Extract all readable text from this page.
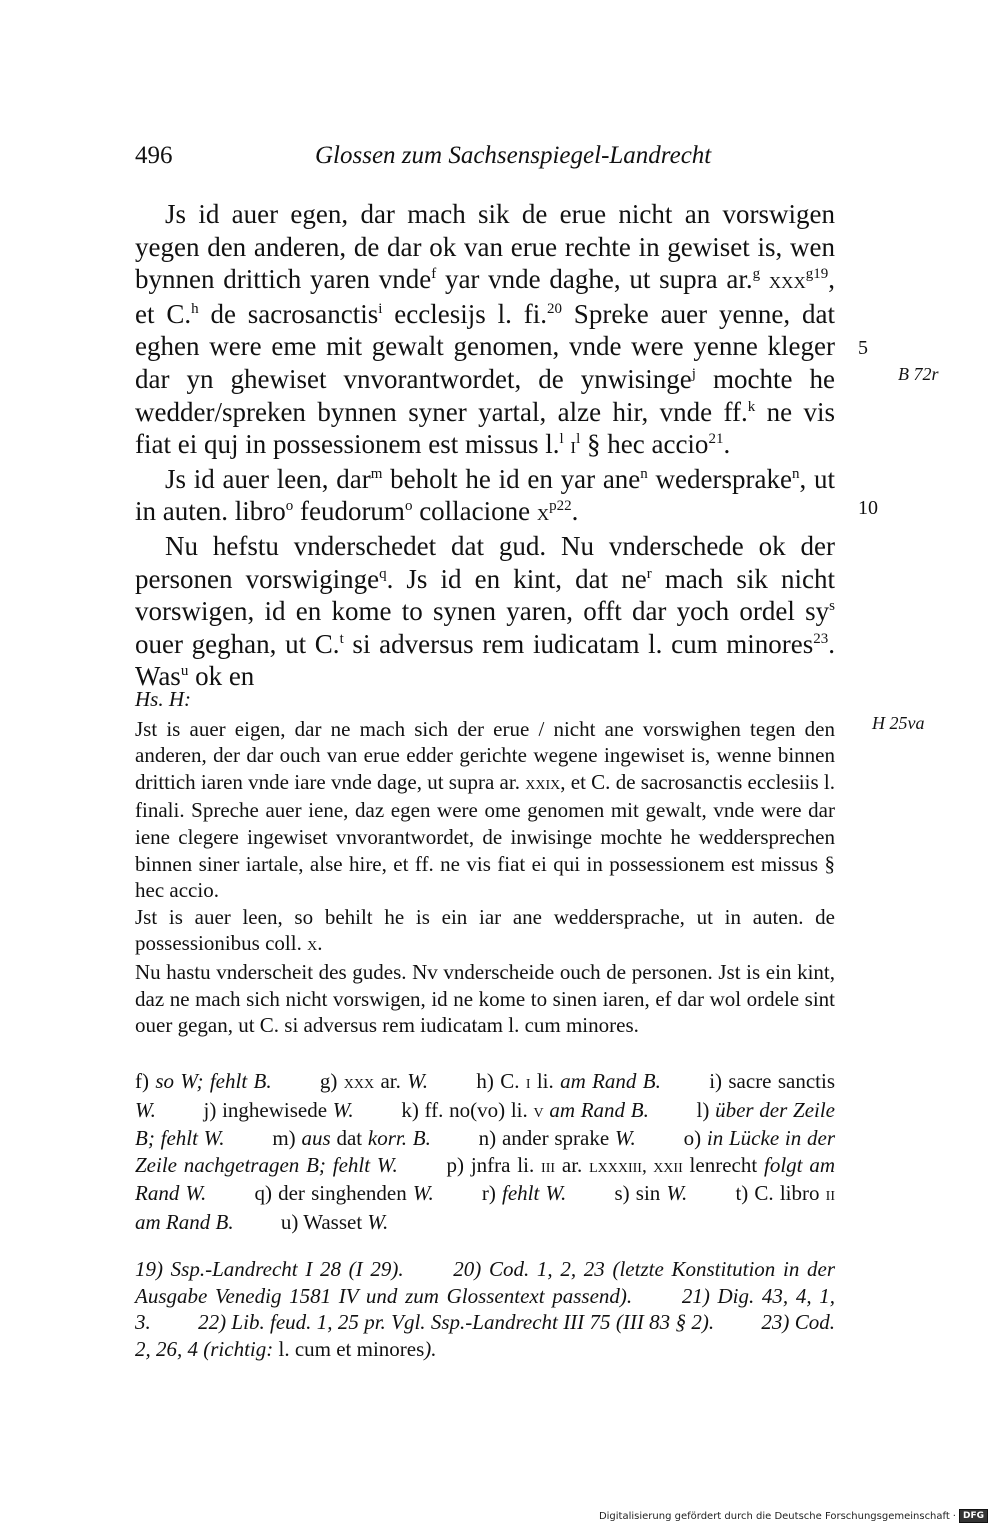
496	Glossen zum Sachsenspiegel-Landrecht

Js id auer egen, dar mach sik de erue nicht an vorswigen yegen den anderen, de dar ok van erue rechte in gewiset is, wen bynnen drittich yaren vnde$^f$ yar vnde daghe, ut supra ar.$^g$ xxx$^{g19}$, et C.$^h$ de sacrosanctis$^i$ ecclesijs l. fi.$^{20}$ Spreke auer yenne, dat eghen were eme mit gewalt genomen, vnde were yenne kleger dar yn ghewiset vnvorantwordet, de ynwisinge$^j$ mochte he wedder/spreken bynnen syner yartal, alze hir, vnde ff.$^k$ ne vis fiat ei quj in possessionem est missus l.$^l$ $i^l$ § hec accio$^{21}$.

Js id auer leen, dar$^m$ beholt he id en yar ane$^n$ wedersprake$^n$, ut in auten. libro$^o$ feudorum$^o$ collacione $x^{p22}$.

Nu hefstu vnderschedet dat gud. Nu vnderschede ok der personen vorswiginge$^q$. Js id en kint, dat $ne^r$ mach sik nicht vorswigen, id en kome to synen yaren, offt dar yoch ordel $sy^s$ ouer geghan, ut C.$^t$ si adversus rem iudicatam l. cum minores$^{23}$. Was$^u$ ok en

5
B 72r
10
Hs. H:

Jst is auer eigen, dar ne mach sich der erue / nicht ane vorswighen tegen den anderen, der dar ouch van erue edder gerichte wegene ingewiset is, wenne binnen drittich iaren vnde iare vnde dage, ut supra ar. xxix, et C. de sacrosanctis ecclesiis l. finali. Spreche auer iene, daz egen were ome genomen mit gewalt, vnde were dar iene clegere ingewiset vnvorantwordet, de inwisinge mochte he weddersprechen binnen siner iartale, alse hire, et ff. ne vis fiat ei qui in possessionem est missus § hec accio.

Jst is auer leen, so behilt he is ein iar ane weddersprache, ut in auten. de possessionibus coll. x.

Nu hastu vnderscheit des gudes. Nv vnderscheide ouch de personen. Jst is ein kint, daz ne mach sich nicht vorswigen, id ne kome to sinen iaren, ef dar wol ordele sint ouer gegan, ut C. si adversus rem iudicatam l. cum minores.

H 25va
f) so W; fehlt B.   g) xxx ar. W.   h) C. i li. am Rand B.   i) sacre sanctis W.   j) inghewisede W.   k) ff. no(vo) li. v am Rand B.   l) über der Zeile B; fehlt W.   m) aus dat korr. B.   n) ander sprake W.   o) in Lücke in der Zeile nachgetragen B; fehlt W.   p) jnfra li. iii ar. lxxxiii, xxii lenrecht folgt am Rand W.   q) der singhenden W.   r) fehlt W.   s) sin W.   t) C. libro ii am Rand B.   u) Wasset W.
19) Ssp.-Landrecht I 28 (I 29).   20) Cod. 1, 2, 23 (letzte Konstitution in der Ausgabe Venedig 1581 IV und zum Glossentext passend).   21) Dig. 43, 4, 1, 3.   22) Lib. feud. 1, 25 pr. Vgl. Ssp.-Landrecht III 75 (III 83 § 2).   23) Cod. 2, 26, 4 (richtig: l. cum et minores).
Digitalisierung gefördert durch die Deutsche Forschungsgemeinschaft · DFG
